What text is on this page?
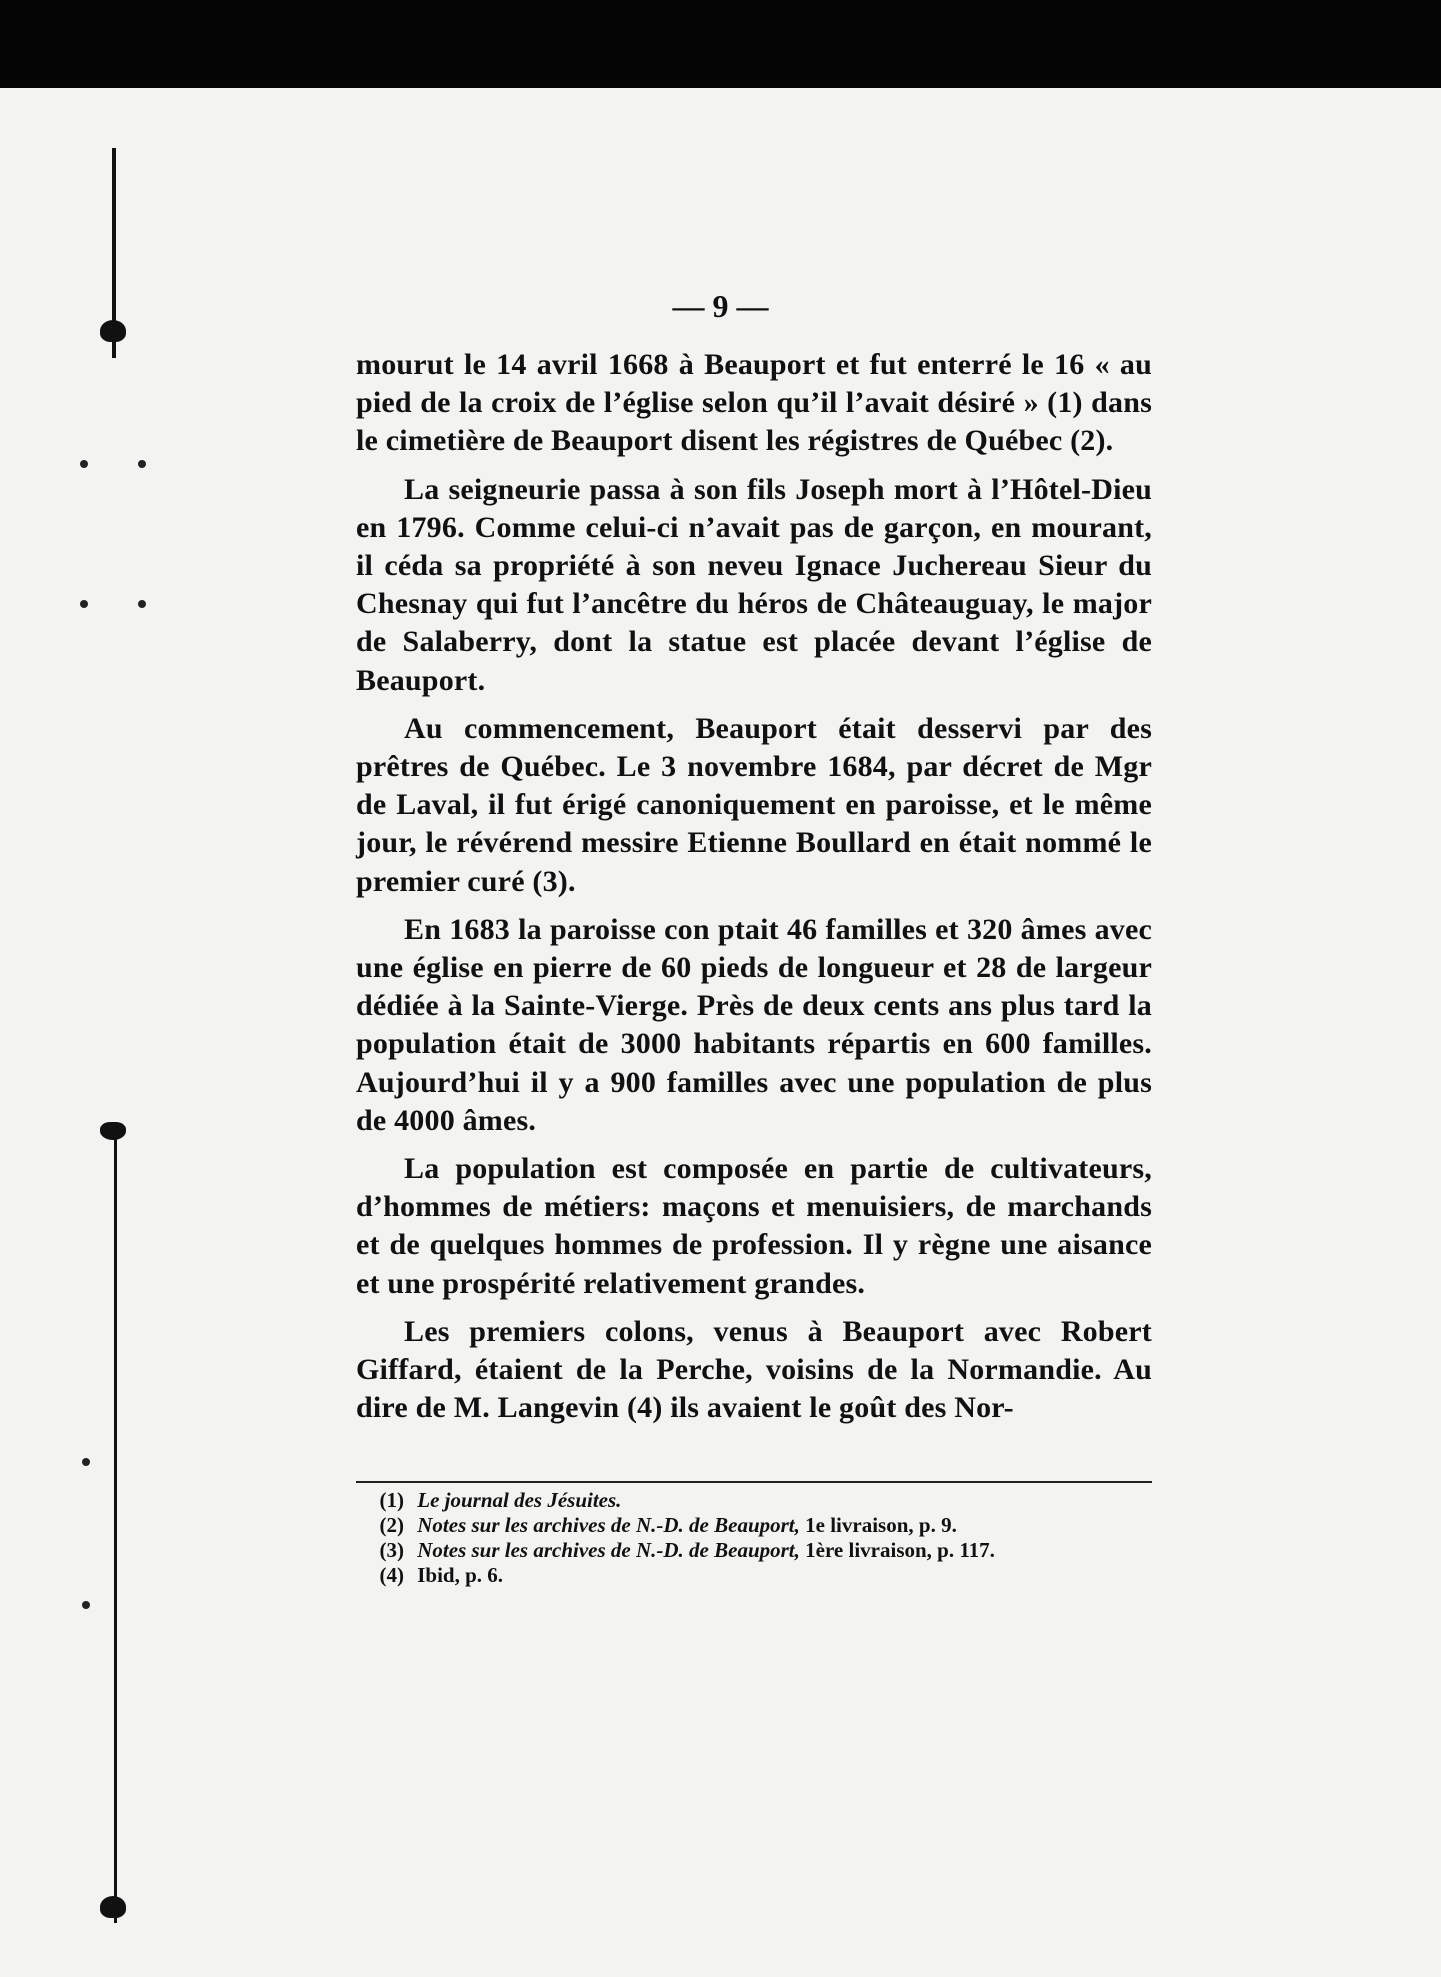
— 9 —

mourut le 14 avril 1668 à Beauport et fut enterré le 16 « au pied de la croix de l’église selon qu’il l’avait désiré » (1) dans le cimetière de Beauport disent les régistres de Québec (2).

La seigneurie passa à son fils Joseph mort à l’Hôtel-Dieu en 1796. Comme celui-ci n’avait pas de garçon, en mourant, il céda sa propriété à son neveu Ignace Juchereau Sieur du Chesnay qui fut l’ancêtre du héros de Châteauguay, le major de Salaberry, dont la statue est placée devant l’église de Beauport.

Au commencement, Beauport était desservi par des prêtres de Québec. Le 3 novembre 1684, par décret de Mgr de Laval, il fut érigé canoniquement en paroisse, et le même jour, le révérend messire Etienne Boullard en était nommé le premier curé (3).

En 1683 la paroisse con ptait 46 familles et 320 âmes avec une église en pierre de 60 pieds de longueur et 28 de largeur dédiée à la Sainte-Vierge. Près de deux cents ans plus tard la population était de 3000 habitants répartis en 600 familles. Aujourd’hui il y a 900 familles avec une population de plus de 4000 âmes.

La population est composée en partie de cultivateurs, d’hommes de métiers: maçons et menuisiers, de marchands et de quelques hommes de profession. Il y règne une aisance et une prospérité relativement grandes.

Les premiers colons, venus à Beauport avec Robert Giffard, étaient de la Perche, voisins de la Normandie. Au dire de M. Langevin (4) ils avaient le goût des Nor-

(1) Le journal des Jésuites.

(2) Notes sur les archives de N.-D. de Beauport, 1e livraison, p. 9.

(3) Notes sur les archives de N.-D. de Beauport, 1ère livraison, p. 117.

(4) Ibid, p. 6.
